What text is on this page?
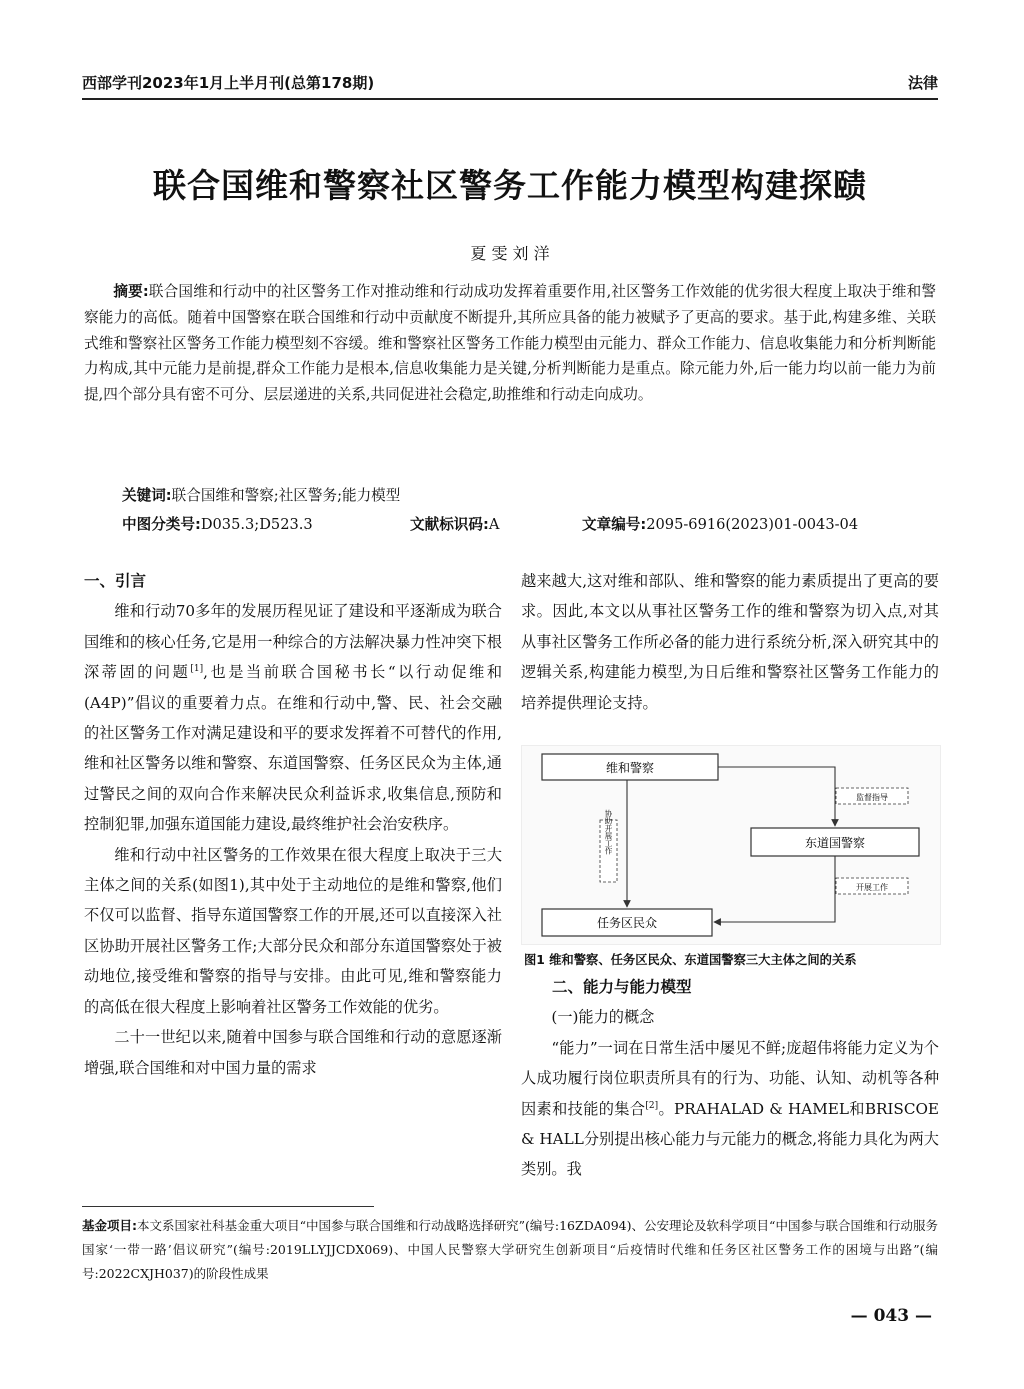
西部学刊2023年1月上半月刊(总第178期)	法律
联合国维和警察社区警务工作能力模型构建探赜
夏 雯 刘 洋
  摘要:联合国维和行动中的社区警务工作对推动维和行动成功发挥着重要作用,社区警务工作效能的优劣很大程度上取决于维和警察能力的高低。随着中国警察在联合国维和行动中贡献度不断提升,其所应具备的能力被赋予了更高的要求。基于此,构建多维、关联式维和警察社区警务工作能力模型刻不容缓。维和警察社区警务工作能力模型由元能力、群众工作能力、信息收集能力和分析判断能力构成,其中元能力是前提,群众工作能力是根本,信息收集能力是关键,分析判断能力是重点。除元能力外,后一能力均以前一能力为前提,四个部分具有密不可分、层层递进的关系,共同促进社会稳定,助推维和行动走向成功。
关键词:联合国维和警察;社区警务;能力模型
中图分类号:D035.3;D523.3	文献标识码:A	文章编号:2095-6916(2023)01-0043-04

一、引言

维和行动70多年的发展历程见证了建设和平逐渐成为联合国维和的核心任务,它是用一种综合的方法解决暴力性冲突下根深蒂固的问题[1],也是当前联合国秘书长“以行动促维和(A4P)”倡议的重要着力点。在维和行动中,警、民、社会交融的社区警务工作对满足建设和平的要求发挥着不可替代的作用,维和社区警务以维和警察、东道国警察、任务区民众为主体,通过警民之间的双向合作来解决民众利益诉求,收集信息,预防和控制犯罪,加强东道国能力建设,最终维护社会治安秩序。

维和行动中社区警务的工作效果在很大程度上取决于三大主体之间的关系(如图1),其中处于主动地位的是维和警察,他们不仅可以监督、指导东道国警察工作的开展,还可以直接深入社区协助开展社区警务工作;大部分民众和部分东道国警察处于被动地位,接受维和警察的指导与安排。由此可见,维和警察能力的高低在很大程度上影响着社区警务工作效能的优劣。

二十一世纪以来,随着中国参与联合国维和行动的意愿逐渐增强,联合国维和对中国力量的需求

越来越大,这对维和部队、维和警察的能力素质提出了更高的要求。因此,本文以从事社区警务工作的维和警察为切入点,对其从事社区警务工作所必备的能力进行系统分析,深入研究其中的逻辑关系,构建能力模型,为日后维和警察社区警务工作能力的培养提供理论支持。

维和警察
东道国警察
任务区民众
监督指导
协助开展工作
开展工作
图1 维和警察、任务区民众、东道国警察三大主体之间的关系

二、能力与能力模型

(一)能力的概念

“能力”一词在日常生活中屡见不鲜;庞超伟将能力定义为个人成功履行岗位职责所具有的行为、功能、认知、动机等各种因素和技能的集合[2]。PRAHALAD & HAMEL和BRISCOE & HALL分别提出核心能力与元能力的概念,将能力具化为两大类别。我

基金项目:本文系国家社科基金重大项目“中国参与联合国维和行动战略选择研究”(编号:16ZDA094)、公安理论及软科学项目“中国参与联合国维和行动服务国家‘一带一路’倡议研究”(编号:2019LLYJJCDX069)、中国人民警察大学研究生创新项目“后疫情时代维和任务区社区警务工作的困境与出路”(编号:2022CXJH037)的阶段性成果
— 043 —
